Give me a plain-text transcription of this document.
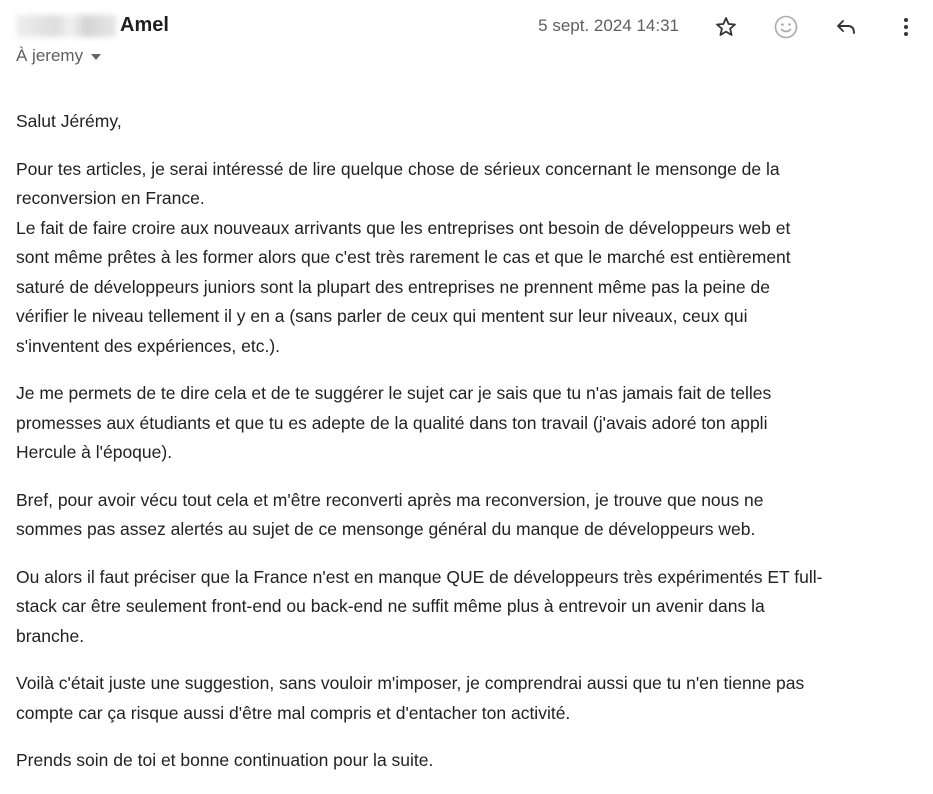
Amel	5 sept. 2024 14:31
À jeremy

Salut Jérémy,

Pour tes articles, je serai intéressé de lire quelque chose de sérieux concernant le mensonge de la
reconversion en France.
Le fait de faire croire aux nouveaux arrivants que les entreprises ont besoin de développeurs web et
sont même prêtes à les former alors que c'est très rarement le cas et que le marché est entièrement
saturé de développeurs juniors sont la plupart des entreprises ne prennent même pas la peine de
vérifier le niveau tellement il y en a (sans parler de ceux qui mentent sur leur niveaux, ceux qui
s'inventent des expériences, etc.).

Je me permets de te dire cela et de te suggérer le sujet car je sais que tu n'as jamais fait de telles
promesses aux étudiants et que tu es adepte de la qualité dans ton travail (j'avais adoré ton appli
Hercule à l'époque).

Bref, pour avoir vécu tout cela et m'être reconverti après ma reconversion, je trouve que nous ne
sommes pas assez alertés au sujet de ce mensonge général du manque de développeurs web.

Ou alors il faut préciser que la France n'est en manque QUE de développeurs très expérimentés ET full-
stack car être seulement front-end ou back-end ne suffit même plus à entrevoir un avenir dans la
branche.

Voilà c'était juste une suggestion, sans vouloir m'imposer, je comprendrai aussi que tu n'en tienne pas
compte car ça risque aussi d'être mal compris et d'entacher ton activité.

Prends soin de toi et bonne continuation pour la suite.
